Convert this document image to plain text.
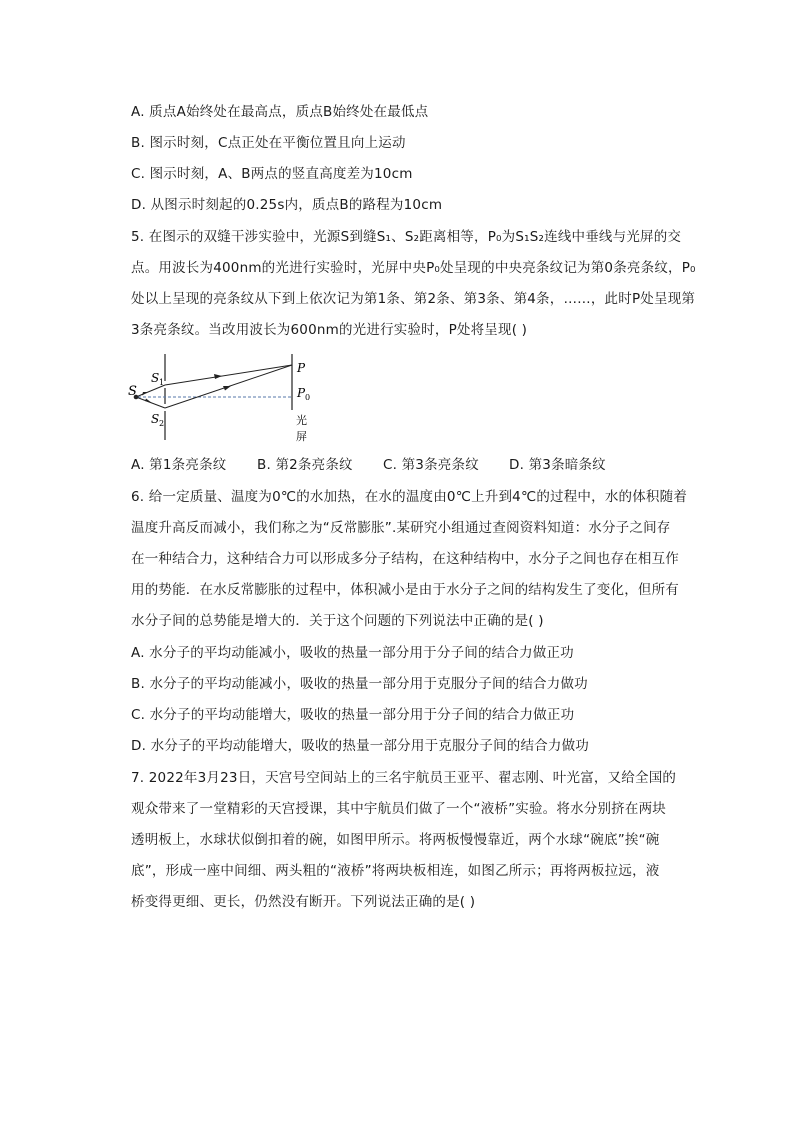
A. 质点A始终处在最高点，质点B始终处在最低点
B. 图示时刻，C点正处在平衡位置且向上运动
C. 图示时刻，A、B两点的竖直高度差为10cm
D. 从图示时刻起的0.25s内，质点B的路程为10cm
5. 在图示的双缝干涉实验中，光源S到缝S₁、S₂距离相等，P₀为S₁S₂连线中垂线与光屏的交
点。用波长为400nm的光进行实验时，光屏中央P₀处呈现的中央亮条纹记为第0条亮条纹，P₀
处以上呈现的亮条纹从下到上依次记为第1条、第2条、第3条、第4条，……，此时P处呈现第
3条亮条纹。当改用波长为600nm的光进行实验时，P处将呈现( )
S
S 1
S 2
P
P 0
光
屏
A. 第1条亮条纹 B. 第2条亮条纹 C. 第3条亮条纹 D. 第3条暗条纹
6. 给一定质量、温度为0℃的水加热，在水的温度由0℃上升到4℃的过程中，水的体积随着
温度升高反而减小，我们称之为“反常膨胀”.某研究小组通过查阅资料知道：水分子之间存
在一种结合力，这种结合力可以形成多分子结构，在这种结构中，水分子之间也存在相互作
用的势能．在水反常膨胀的过程中，体积减小是由于水分子之间的结构发生了变化，但所有
水分子间的总势能是增大的．关于这个问题的下列说法中正确的是( )
A. 水分子的平均动能减小，吸收的热量一部分用于分子间的结合力做正功
B. 水分子的平均动能减小，吸收的热量一部分用于克服分子间的结合力做功
C. 水分子的平均动能增大，吸收的热量一部分用于分子间的结合力做正功
D. 水分子的平均动能增大，吸收的热量一部分用于克服分子间的结合力做功
7. 2022年3月23日，天宫号空间站上的三名宇航员王亚平、翟志刚、叶光富，又给全国的
观众带来了一堂精彩的天宫授课，其中宇航员们做了一个“液桥”实验。将水分别挤在两块
透明板上，水球状似倒扣着的碗，如图甲所示。将两板慢慢靠近，两个水球“碗底”挨“碗
底”，形成一座中间细、两头粗的“液桥”将两块板相连，如图乙所示；再将两板拉远，液
桥变得更细、更长，仍然没有断开。下列说法正确的是( )
